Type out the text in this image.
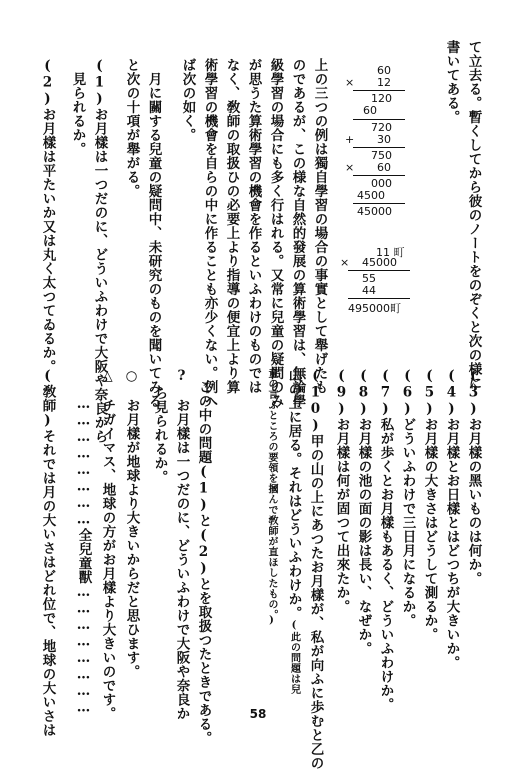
て立去る。暫くしてから彼のノートをのぞくと次の様に
書いてある。
60
× 12
120
60
720
+ 30
750
× 60
000
4500
45000
11 町
× 45000
55
44
495000町
上の三つの例は獨自學習の場合の事實として舉げたも
のであるが、この様な自然的發展の算術學習は、無論學
級學習の場合にも多く行はれる。又常に兒童の疑問のみ
が思うた算術學習の機會を作るといふわけのものでは
なく、敎師の取扱ひの必要上より指導の便宜上より算
術學習の機會を自らの中に作ることも亦少くない。例へ
ば次の如く。
月に關する兒童の疑問中、未研究のものを聞いてみる
と次の十項が舉がる。
(1)お月樣は一つだのに、どういふわけで大阪や奈良から
見られるか。
(2)お月樣は平たいか又は丸く太つてゐるか。
(3)お月樣の黑いものは何か。
(4)お月樣とお日樣とはどつちが大きいか。
(5)お月樣の大きさはどうして測るか。
(6)どういふわけで三日月になるか。
(7)私が歩くとお月樣もあるく、どういふわけか。
(8)お月樣の池の面の影は長い、なぜか。
(9)お月樣は何が固つて出來たか。
(10)甲の山の上にあつたお月樣が、私が向ふに歩むと乙の
山の上に居る。それはどういふわけか。(此の問題は兒
童の言ふところの要領を摑んで敎師が直ほしたもの。)
この中の問題(1)と(2)とを取扱つたときである。
?　お月樣は一つだのに、どういふわけで大阪や奈良か
ら見られるか。
○　お月樣が地球より大きいからだと思ひます。
△　チガイマス、地球の方がお月樣より大きいのです。
　　……………………全兒童獸……………………
(敎師)それでは月の大いさはどれ位で、地球の大いさは	58
